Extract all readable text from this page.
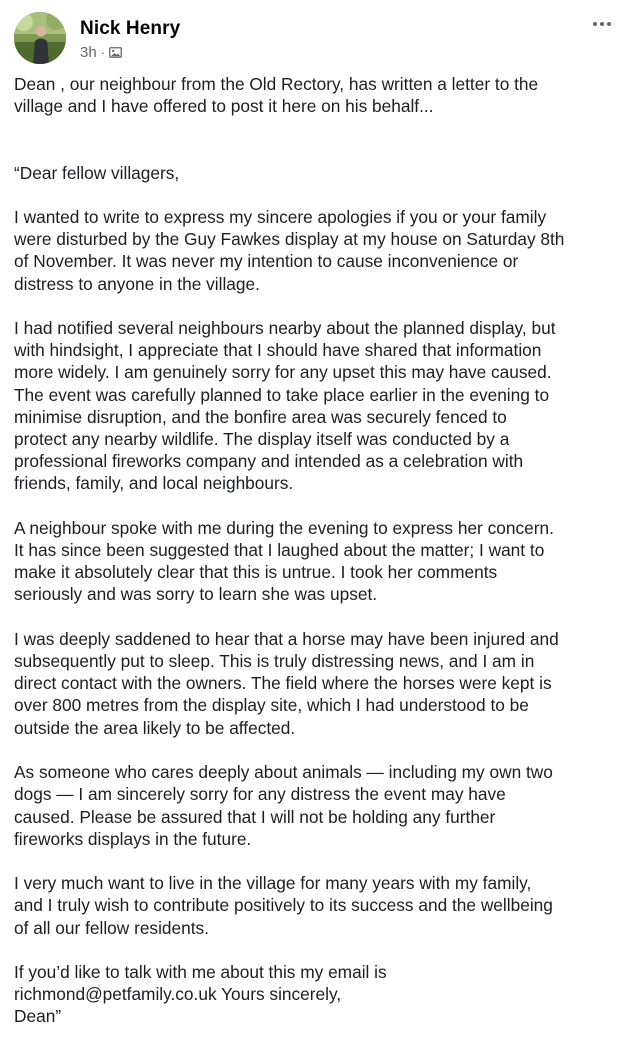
Nick Henry
3h ·

Dean , our neighbour from the Old Rectory, has written a letter to the
village and I have offered to post it here on his behalf...

“Dear fellow villagers,

I wanted to write to express my sincere apologies if you or your family
were disturbed by the Guy Fawkes display at my house on Saturday 8th
of November. It was never my intention to cause inconvenience or
distress to anyone in the village.

I had notified several neighbours nearby about the planned display, but
with hindsight, I appreciate that I should have shared that information
more widely. I am genuinely sorry for any upset this may have caused.
The event was carefully planned to take place earlier in the evening to
minimise disruption, and the bonfire area was securely fenced to
protect any nearby wildlife. The display itself was conducted by a
professional fireworks company and intended as a celebration with
friends, family, and local neighbours.

A neighbour spoke with me during the evening to express her concern.
It has since been suggested that I laughed about the matter; I want to
make it absolutely clear that this is untrue. I took her comments
seriously and was sorry to learn she was upset.

I was deeply saddened to hear that a horse may have been injured and
subsequently put to sleep. This is truly distressing news, and I am in
direct contact with the owners. The field where the horses were kept is
over 800 metres from the display site, which I had understood to be
outside the area likely to be affected.

As someone who cares deeply about animals — including my own two
dogs — I am sincerely sorry for any distress the event may have
caused. Please be assured that I will not be holding any further
fireworks displays in the future.

I very much want to live in the village for many years with my family,
and I truly wish to contribute positively to its success and the wellbeing
of all our fellow residents.

If you’d like to talk with me about this my email is
richmond@petfamily.co.uk Yours sincerely,
Dean”
